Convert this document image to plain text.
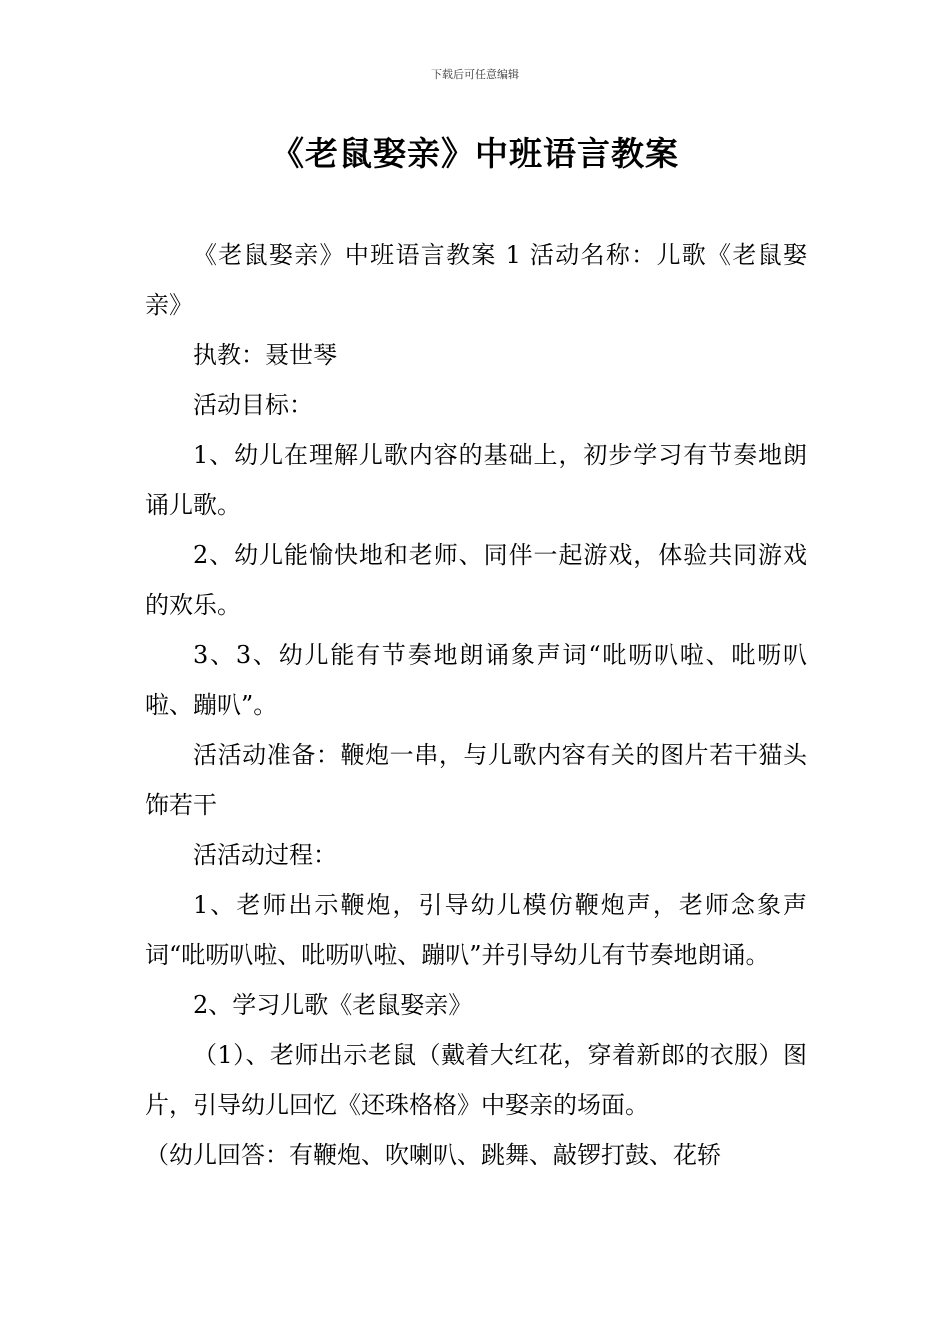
下载后可任意编辑
《老鼠娶亲》中班语言教案

《老鼠娶亲》中班语言教案 1 活动名称：儿歌《老鼠娶亲》

执教：聂世琴

活动目标：

1、幼儿在理解儿歌内容的基础上，初步学习有节奏地朗诵儿歌。

2、幼儿能愉快地和老师、同伴一起游戏，体验共同游戏的欢乐。

3、3、幼儿能有节奏地朗诵象声词“吡呖叭啦、吡呖叭啦、蹦叭”。

活活动准备：鞭炮一串，与儿歌内容有关的图片若干猫头饰若干

活活动过程：

1、老师出示鞭炮，引导幼儿模仿鞭炮声，老师念象声词“吡呖叭啦、吡呖叭啦、蹦叭”并引导幼儿有节奏地朗诵。

2、学习儿歌《老鼠娶亲》

（1）、老师出示老鼠（戴着大红花，穿着新郎的衣服）图片，引导幼儿回忆《还珠格格》中娶亲的场面。

（幼儿回答：有鞭炮、吹喇叭、跳舞、敲锣打鼓、花轿
